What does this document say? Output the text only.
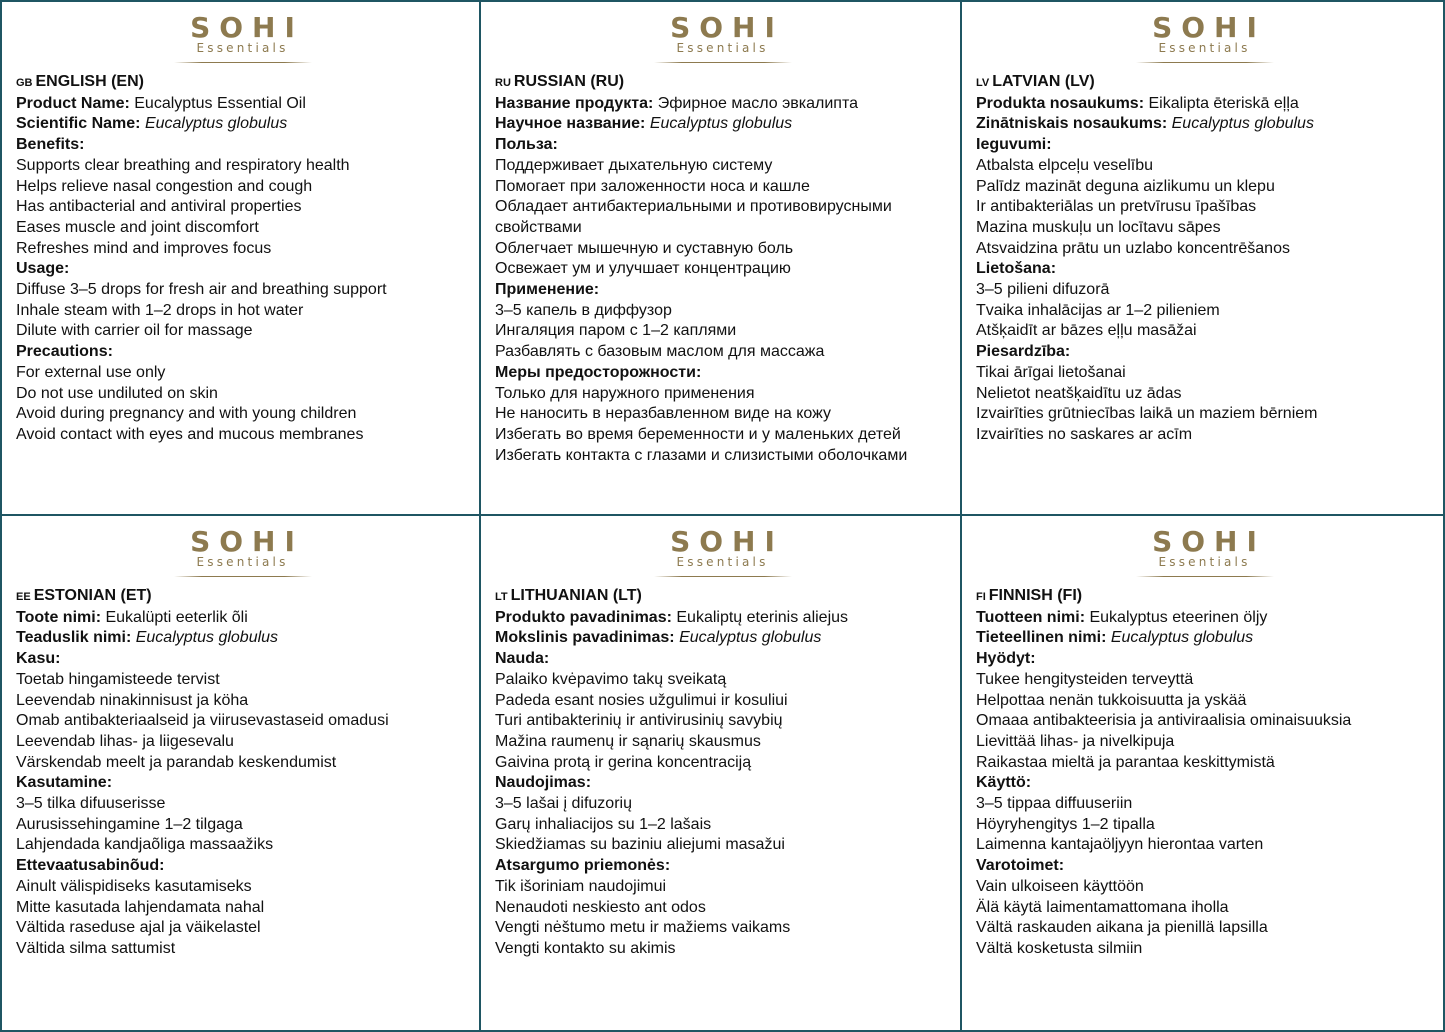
SOHI
Essentials
GB ENGLISH (EN)
Product Name: Eucalyptus Essential Oil
Scientific Name: Eucalyptus globulus
Benefits:
Supports clear breathing and respiratory health
Helps relieve nasal congestion and cough
Has antibacterial and antiviral properties
Eases muscle and joint discomfort
Refreshes mind and improves focus
Usage:
Diffuse 3–5 drops for fresh air and breathing support
Inhale steam with 1–2 drops in hot water
Dilute with carrier oil for massage
Precautions:
For external use only
Do not use undiluted on skin
Avoid during pregnancy and with young children
Avoid contact with eyes and mucous membranes
SOHI
Essentials
RU RUSSIAN (RU)
Название продукта: Эфирное масло эвкалипта
Научное название: Eucalyptus globulus
Польза:
Поддерживает дыхательную систему
Помогает при заложенности носа и кашле
Обладает антибактериальными и противовирусными свойствами
Облегчает мышечную и суставную боль
Освежает ум и улучшает концентрацию
Применение:
3–5 капель в диффузор
Ингаляция паром с 1–2 каплями
Разбавлять с базовым маслом для массажа
Меры предосторожности:
Только для наружного применения
Не наносить в неразбавленном виде на кожу
Избегать во время беременности и у маленьких детей
Избегать контакта с глазами и слизистыми оболочками
SOHI
Essentials
LV LATVIAN (LV)
Produkta nosaukums: Eikalipta ēteriskā eļļa
Zinātniskais nosaukums: Eucalyptus globulus
Ieguvumi:
Atbalsta elpceļu veselību
Palīdz mazināt deguna aizlikumu un klepu
Ir antibakteriālas un pretvīrusu īpašības
Mazina muskuļu un locītavu sāpes
Atsvaidzina prātu un uzlabo koncentrēšanos
Lietošana:
3–5 pilieni difuzorā
Tvaika inhalācijas ar 1–2 pilieniem
Atšķaidīt ar bāzes eļļu masāžai
Piesardzība:
Tikai ārīgai lietošanai
Nelietot neatšķaidītu uz ādas
Izvairīties grūtniecības laikā un maziem bērniem
Izvairīties no saskares ar acīm
SOHI
Essentials
EE ESTONIAN (ET)
Toote nimi: Eukalüpti eeterlik õli
Teaduslik nimi: Eucalyptus globulus
Kasu:
Toetab hingamisteede tervist
Leevendab ninakinnisust ja köha
Omab antibakteriaalseid ja viirusevastaseid omadusi
Leevendab lihas- ja liigesevalu
Värskendab meelt ja parandab keskendumist
Kasutamine:
3–5 tilka difuuserisse
Aurusissehingamine 1–2 tilgaga
Lahjendada kandjaõliga massaažiks
Ettevaatusabinõud:
Ainult välispidiseks kasutamiseks
Mitte kasutada lahjendamata nahal
Vältida raseduse ajal ja väikelastel
Vältida silma sattumist
SOHI
Essentials
LT LITHUANIAN (LT)
Produkto pavadinimas: Eukaliptų eterinis aliejus
Mokslinis pavadinimas: Eucalyptus globulus
Nauda:
Palaiko kvėpavimo takų sveikatą
Padeda esant nosies užgulimui ir kosuliui
Turi antibakterinių ir antivirusinių savybių
Mažina raumenų ir sąnarių skausmus
Gaivina protą ir gerina koncentraciją
Naudojimas:
3–5 lašai į difuzorių
Garų inhaliacijos su 1–2 lašais
Skiedžiamas su baziniu aliejumi masažui
Atsargumo priemonės:
Tik išoriniam naudojimui
Nenaudoti neskiesto ant odos
Vengti nėštumo metu ir mažiems vaikams
Vengti kontakto su akimis
SOHI
Essentials
FI FINNISH (FI)
Tuotteen nimi: Eukalyptus eteerinen öljy
Tieteellinen nimi: Eucalyptus globulus
Hyödyt:
Tukee hengitysteiden terveyttä
Helpottaa nenän tukkoisuutta ja yskää
Omaaa antibakteerisia ja antiviraalisia ominaisuuksia
Lievittää lihas- ja nivelkipuja
Raikastaa mieltä ja parantaa keskittymistä
Käyttö:
3–5 tippaa diffuuseriin
Höyryhengitys 1–2 tipalla
Laimenna kantajaöljyyn hierontaa varten
Varotoimet:
Vain ulkoiseen käyttöön
Älä käytä laimentamattomana iholla
Vältä raskauden aikana ja pienillä lapsilla
Vältä kosketusta silmiin
